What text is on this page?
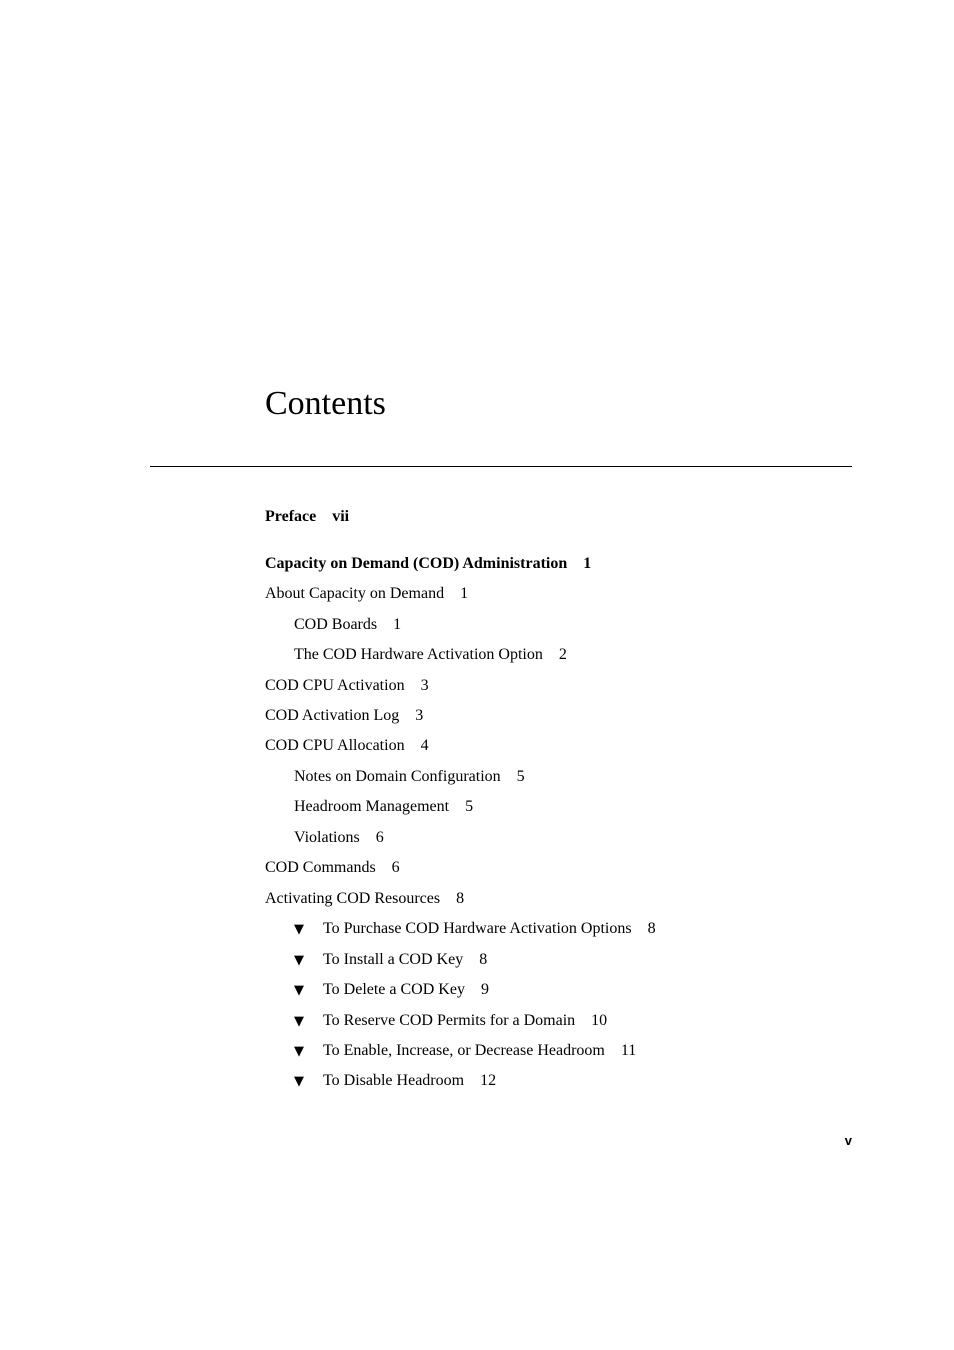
Contents
Preface vii
Capacity on Demand (COD) Administration 1
About Capacity on Demand 1
COD Boards 1
The COD Hardware Activation Option 2
COD CPU Activation 3
COD Activation Log 3
COD CPU Allocation 4
Notes on Domain Configuration 5
Headroom Management 5
Violations 6
COD Commands 6
Activating COD Resources 8
▼ To Purchase COD Hardware Activation Options 8
▼ To Install a COD Key 8
▼ To Delete a COD Key 9
▼ To Reserve COD Permits for a Domain 10
▼ To Enable, Increase, or Decrease Headroom 11
▼ To Disable Headroom 12
v
